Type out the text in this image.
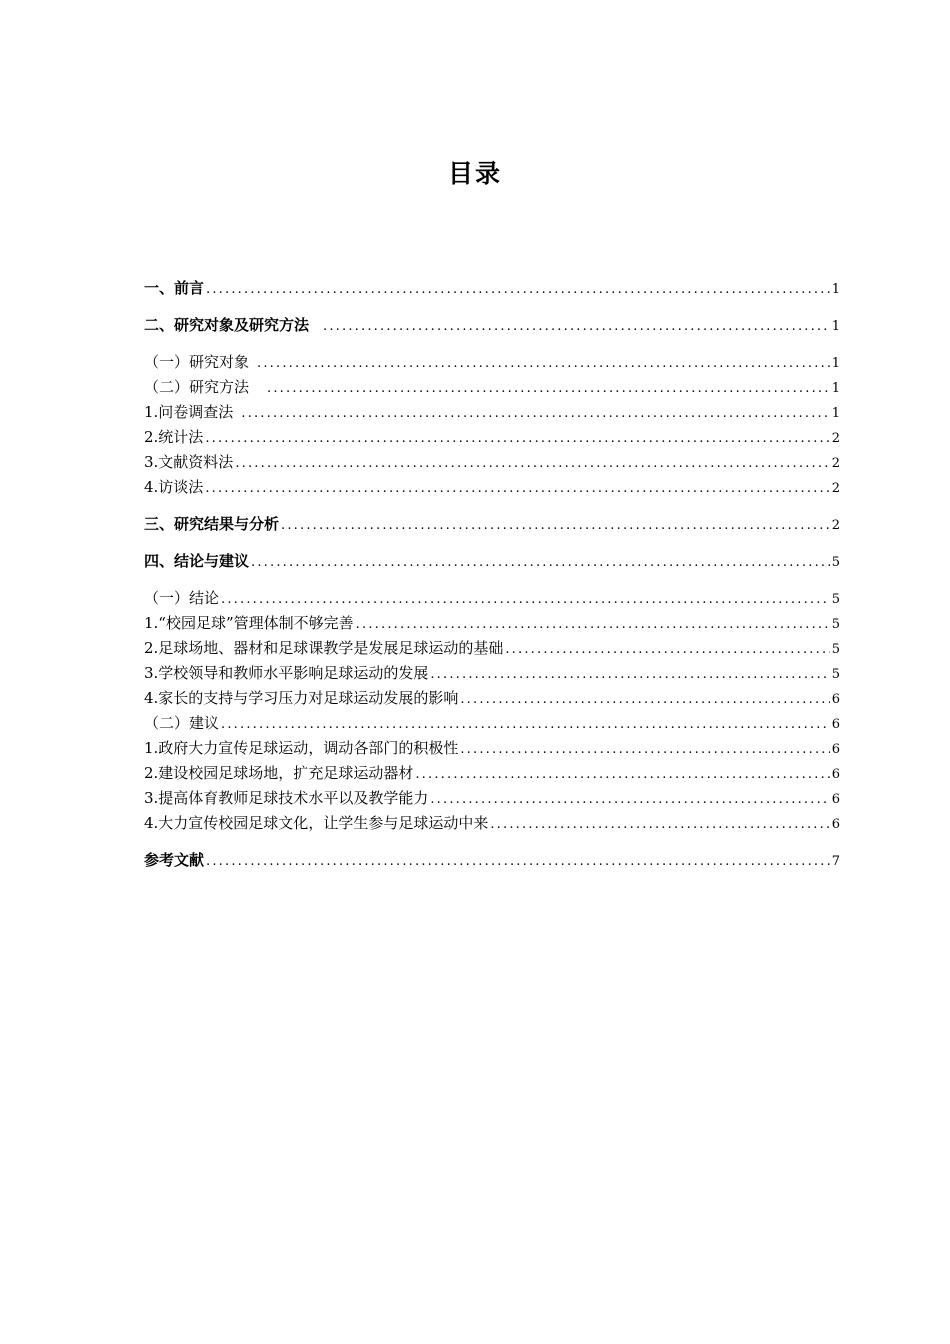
目录
一、前言 .....	1
二、研究对象及研究方法 .....	1
（一）研究对象 .....	1
（二）研究方法 .....	1
1.问卷调查法 .....	1
2.统计法 .....	2
3.文献资料法 .....	2
4.访谈法 .....	2
三、研究结果与分析 .....	2
四、结论与建议 .....	5
（一）结论 .....	5
1.“校园足球”管理体制不够完善 .....	5
2.足球场地、器材和足球课教学是发展足球运动的基础 .....	5
3.学校领导和教师水平影响足球运动的发展 .....	5
4.家长的支持与学习压力对足球运动发展的影响 .....	6
（二）建议 .....	6
1.政府大力宣传足球运动，调动各部门的积极性 .....	6
2.建设校园足球场地，扩充足球运动器材 .....	6
3.提高体育教师足球技术水平以及教学能力 .....	6
4.大力宣传校园足球文化，让学生参与足球运动中来 .....	6
参考文献 .....	7
